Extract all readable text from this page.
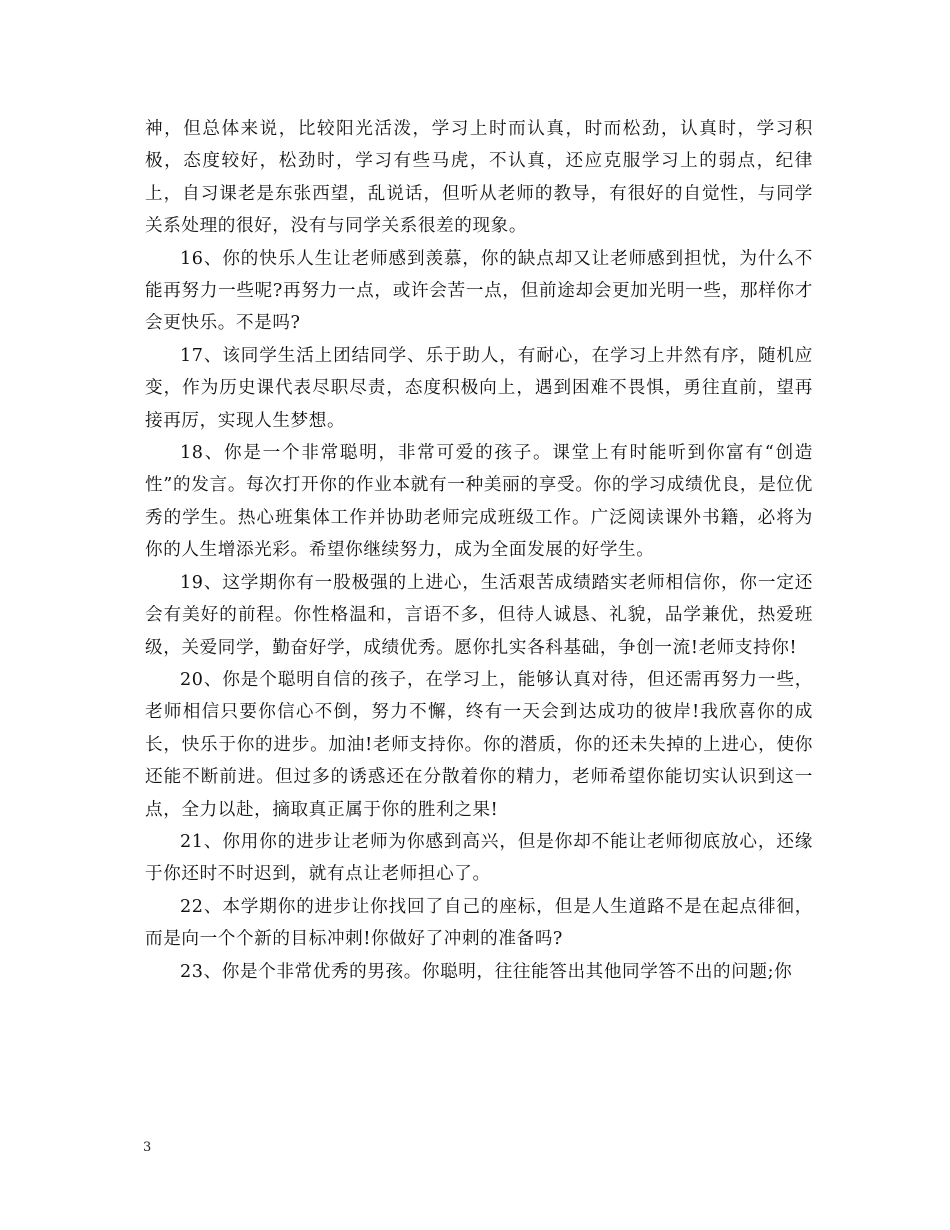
神，但总体来说，比较阳光活泼，学习上时而认真，时而松劲，认真时，学习积极，态度较好，松劲时，学习有些马虎，不认真，还应克服学习上的弱点，纪律上，自习课老是东张西望，乱说话，但听从老师的教导，有很好的自觉性，与同学关系处理的很好，没有与同学关系很差的现象。

16、你的快乐人生让老师感到羡慕，你的缺点却又让老师感到担忧，为什么不能再努力一些呢?再努力一点，或许会苦一点，但前途却会更加光明一些，那样你才会更快乐。不是吗?

17、该同学生活上团结同学、乐于助人，有耐心，在学习上井然有序，随机应变，作为历史课代表尽职尽责，态度积极向上，遇到困难不畏惧，勇往直前，望再接再厉，实现人生梦想。

18、你是一个非常聪明，非常可爱的孩子。课堂上有时能听到你富有“创造性”的发言。每次打开你的作业本就有一种美丽的享受。你的学习成绩优良，是位优秀的学生。热心班集体工作并协助老师完成班级工作。广泛阅读课外书籍，必将为你的人生增添光彩。希望你继续努力，成为全面发展的好学生。

19、这学期你有一股极强的上进心，生活艰苦成绩踏实老师相信你，你一定还会有美好的前程。你性格温和，言语不多，但待人诚恳、礼貌，品学兼优，热爱班级，关爱同学，勤奋好学，成绩优秀。愿你扎实各科基础，争创一流!老师支持你!

20、你是个聪明自信的孩子，在学习上，能够认真对待，但还需再努力一些，老师相信只要你信心不倒，努力不懈，终有一天会到达成功的彼岸!我欣喜你的成长，快乐于你的进步。加油!老师支持你。你的潜质，你的还未失掉的上进心，使你还能不断前进。但过多的诱惑还在分散着你的精力，老师希望你能切实认识到这一点，全力以赴，摘取真正属于你的胜利之果!

21、你用你的进步让老师为你感到高兴，但是你却不能让老师彻底放心，还缘于你还时不时迟到，就有点让老师担心了。

22、本学期你的进步让你找回了自己的座标，但是人生道路不是在起点徘徊，而是向一个个新的目标冲刺!你做好了冲刺的准备吗?

23、你是个非常优秀的男孩。你聪明，往往能答出其他同学答不出的问题;你

3
